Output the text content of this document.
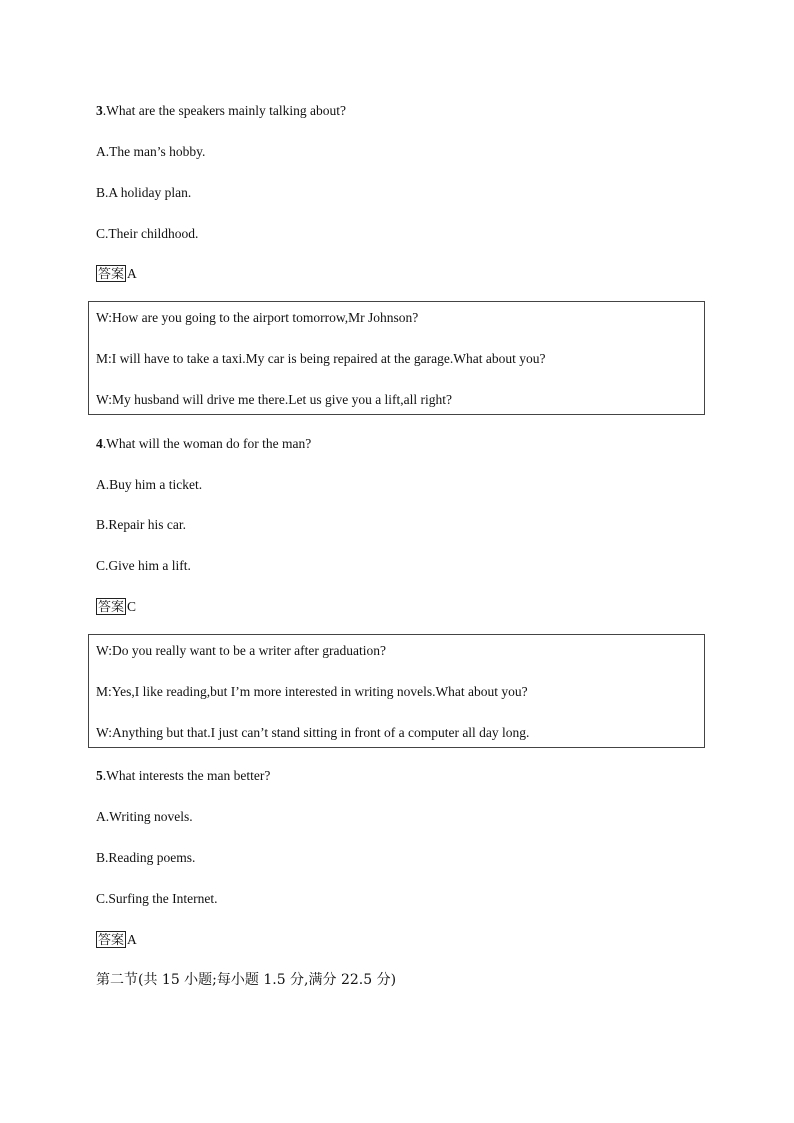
3.What are the speakers mainly talking about?
A.The man’s hobby.
B.A holiday plan.
C.Their childhood.
答案 A
W:How are you going to the airport tomorrow,Mr Johnson?
M:I will have to take a taxi.My car is being repaired at the garage.What about you?
W:My husband will drive me there.Let us give you a lift,all right?
4.What will the woman do for the man?
A.Buy him a ticket.
B.Repair his car.
C.Give him a lift.
答案 C
W:Do you really want to be a writer after graduation?
M:Yes,I like reading,but I’m more interested in writing novels.What about you?
W:Anything but that.I just can’t stand sitting in front of a computer all day long.
5.What interests the man better?
A.Writing novels.
B.Reading poems.
C.Surfing the Internet.
答案 A
第二节(共 15 小题;每小题 1.5 分,满分 22.5 分)
